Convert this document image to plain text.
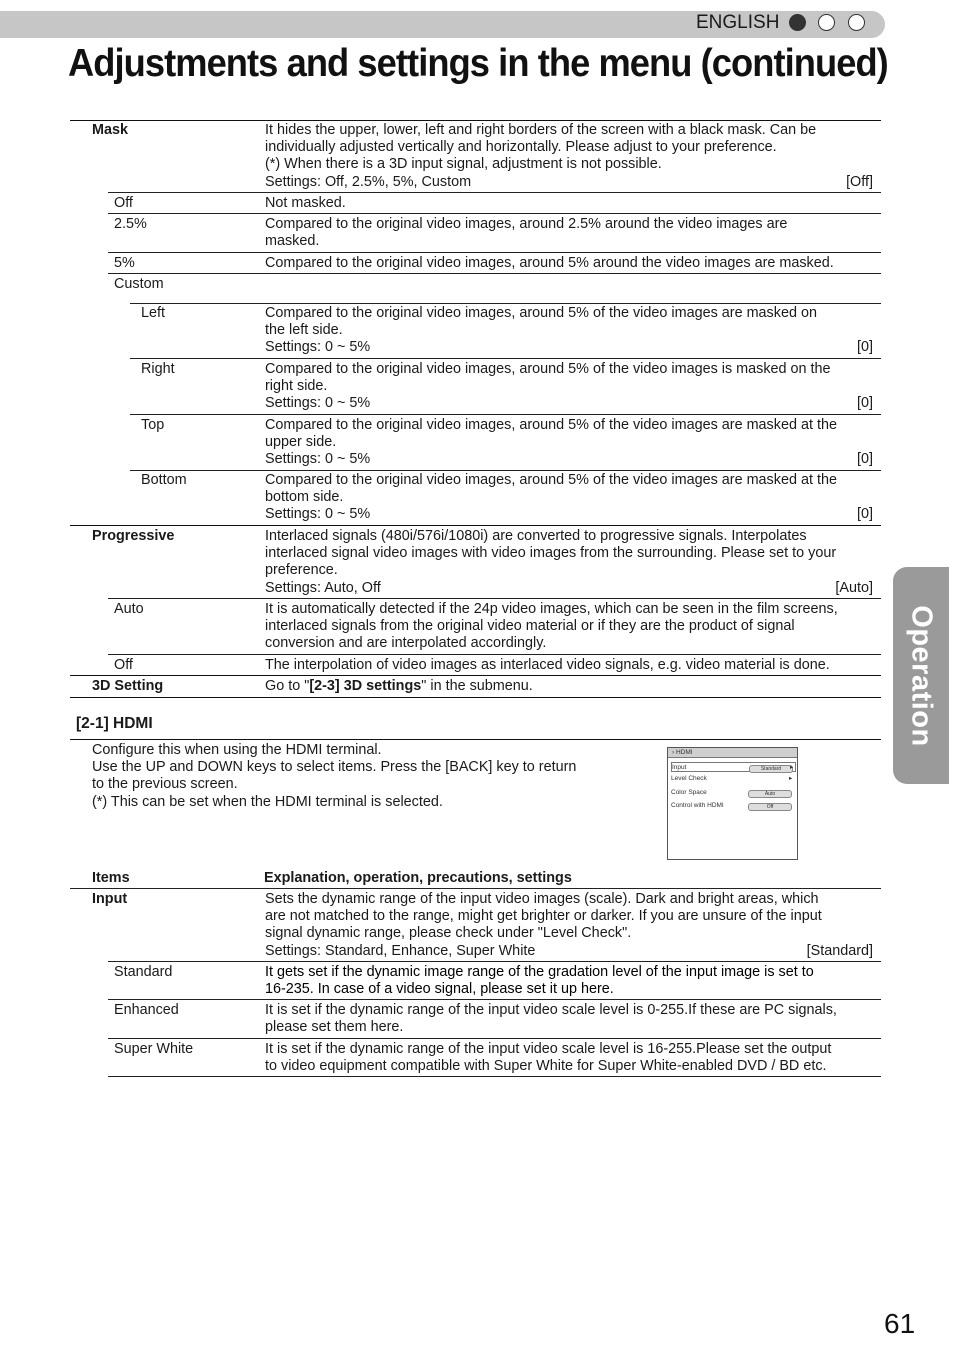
ENGLISH
Adjustments and settings in the menu (continued)
Operation
Mask	It hides the upper, lower, left and right borders of the screen with a black mask. Can be
individually adjusted vertically and horizontally. Please adjust to your preference.
(*) When there is a 3D input signal, adjustment is not possible.
Settings: Off, 2.5%, 5%, Custom	[Off]
Off	Not masked.
2.5%	Compared to the original video images, around 2.5% around the video images are
masked.
5%	Compared to the original video images, around 5% around the video images are masked.
Custom
Left	Compared to the original video images, around 5% of the video images are masked on
the left side.
Settings: 0 ~ 5%	[0]
Right	Compared to the original video images, around 5% of the video images is masked on the
right side.
Settings: 0 ~ 5%	[0]
Top	Compared to the original video images, around 5% of the video images are masked at the
upper side.
Settings: 0 ~ 5%	[0]
Bottom	Compared to the original video images, around 5% of the video images are masked at the
bottom side.
Settings: 0 ~ 5%	[0]
Progressive	Interlaced signals (480i/576i/1080i) are converted to progressive signals. Interpolates
interlaced signal video images with video images from the surrounding. Please set to your
preference.
Settings: Auto, Off	[Auto]
Auto	It is automatically detected if the 24p video images, which can be seen in the film screens,
interlaced signals from the original video material or if they are the product of signal
conversion and are interpolated accordingly.
Off	The interpolation of video images as interlaced video signals, e.g. video material is done.
3D Setting	Go to "[2-3] 3D settings" in the submenu.
[2-1] HDMI
Configure this when using the HDMI terminal.
Use the UP and DOWN keys to select items. Press the [BACK] key to return
to the previous screen.
(*) This can be set when the HDMI terminal is selected.
› HDMI
Input	Standard	▸
Level Check	▸
Color Space	Auto
Control with HDMI	Off
Items	Explanation, operation, precautions, settings
Input	Sets the dynamic range of the input video images (scale). Dark and bright areas, which
are not matched to the range, might get brighter or darker. If you are unsure of the input
signal dynamic range, please check under "Level Check".
Settings: Standard, Enhance, Super White	[Standard]
Standard	It gets set if the dynamic image range of the gradation level of the input image is set to
16-235. In case of a video signal, please set it up here.
Enhanced	It is set if the dynamic range of the input video scale level is 0-255.If these are PC signals,
please set them here.
Super White	It is set if the dynamic range of the input video scale level is 16-255.Please set the output
to video equipment compatible with Super White for Super White-enabled DVD / BD etc.
61
